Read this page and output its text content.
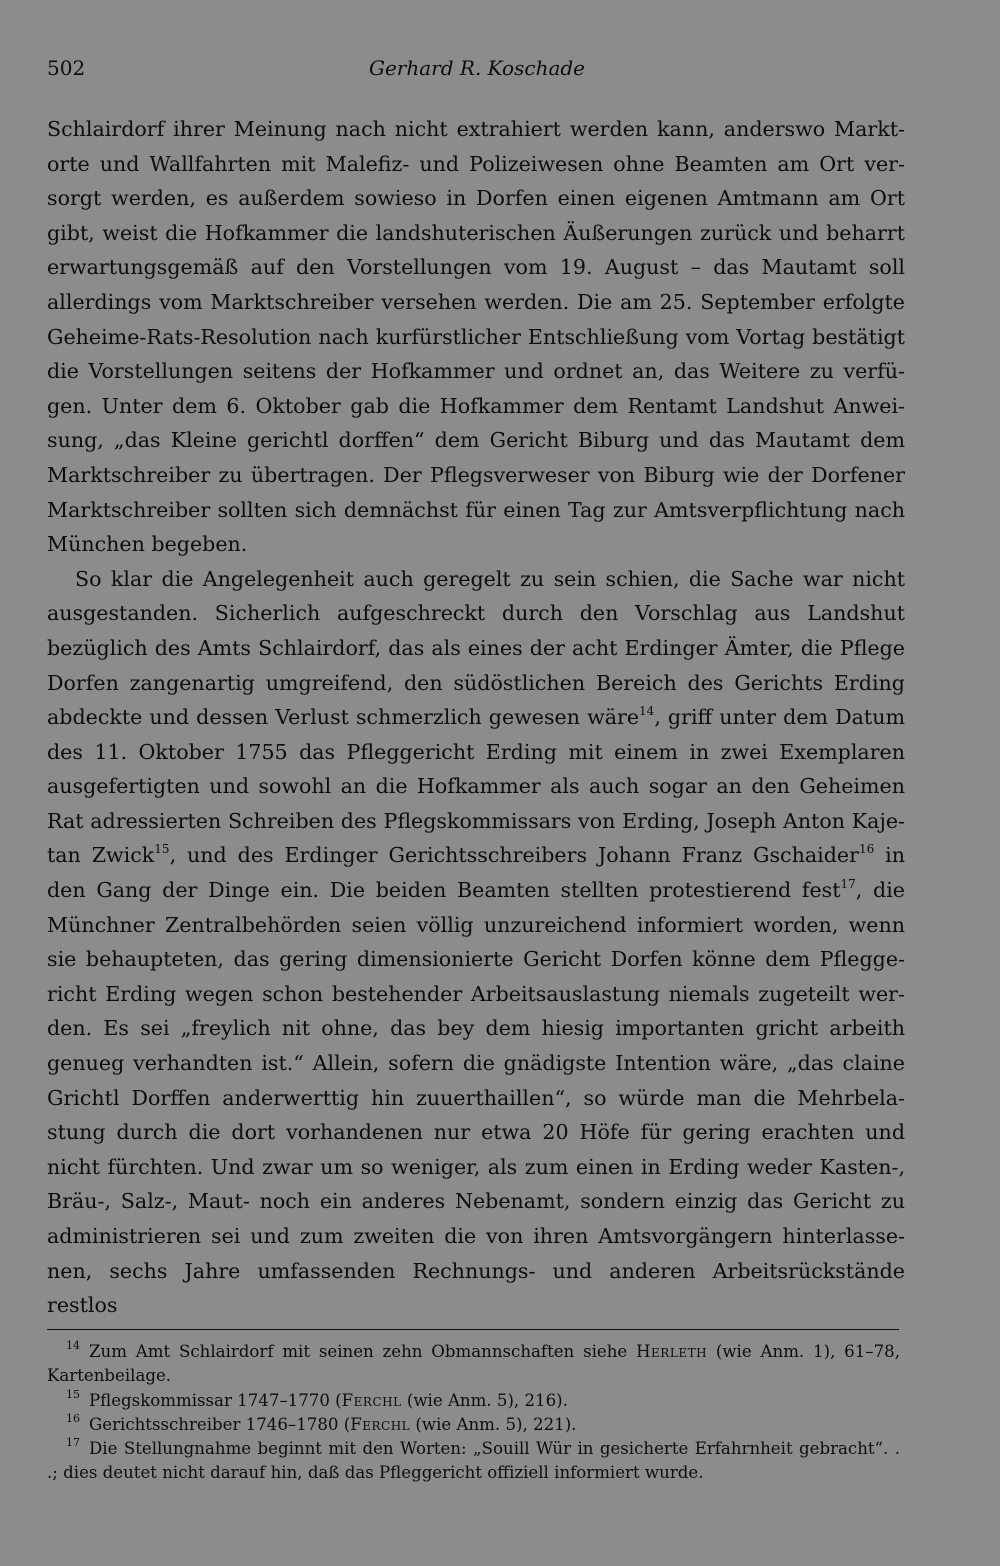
502	Gerhard R. Koschade

Schlairdorf ihrer Meinung nach nicht extrahiert werden kann, anderswo Marktorte und Wallfahrten mit Malefiz- und Polizeiwesen ohne Beamten am Ort versorgt werden, es außerdem sowieso in Dorfen einen eigenen Amtmann am Ort gibt, weist die Hofkammer die landshuterischen Äußerungen zurück und beharrt erwartungsgemäß auf den Vorstellungen vom 19. August – das Mautamt soll allerdings vom Marktschreiber versehen werden. Die am 25. September erfolgte Geheime-Rats-Resolution nach kurfürstlicher Entschließung vom Vortag bestätigt die Vorstellungen seitens der Hofkammer und ordnet an, das Weitere zu verfügen. Unter dem 6. Oktober gab die Hofkammer dem Rentamt Landshut Anweisung, „das Kleine gerichtl dorffen“ dem Gericht Biburg und das Mautamt dem Marktschreiber zu übertragen. Der Pflegsverweser von Biburg wie der Dorfener Marktschreiber sollten sich demnächst für einen Tag zur Amtsverpflichtung nach München begeben.

So klar die Angelegenheit auch geregelt zu sein schien, die Sache war nicht ausgestanden. Sicherlich aufgeschreckt durch den Vorschlag aus Landshut bezüglich des Amts Schlairdorf, das als eines der acht Erdinger Ämter, die Pflege Dorfen zangenartig umgreifend, den südöstlichen Bereich des Gerichts Erding abdeckte und dessen Verlust schmerzlich gewesen wäre$^{14}$, griff unter dem Datum des 11. Oktober 1755 das Pfleggericht Erding mit einem in zwei Exemplaren ausgefertigten und sowohl an die Hofkammer als auch sogar an den Geheimen Rat adressierten Schreiben des Pflegskommissars von Erding, Joseph Anton Kajetan Zwick$^{15}$, und des Erdinger Gerichtsschreibers Johann Franz Gschaider$^{16}$ in den Gang der Dinge ein. Die beiden Beamten stellten protestierend fest$^{17}$, die Münchner Zentralbehörden seien völlig unzureichend informiert worden, wenn sie behaupteten, das gering dimensionierte Gericht Dorfen könne dem Pfleggericht Erding wegen schon bestehender Arbeitsauslastung niemals zugeteilt werden. Es sei „freylich nit ohne, das bey dem hiesig importanten gricht arbeith genueg verhandten ist.“ Allein, sofern die gnädigste Intention wäre, „das claine Grichtl Dorffen anderwerttig hin zuuerthaillen“, so würde man die Mehrbelastung durch die dort vorhandenen nur etwa 20 Höfe für gering erachten und nicht fürchten. Und zwar um so weniger, als zum einen in Erding weder Kasten-, Bräu-, Salz-, Maut- noch ein anderes Nebenamt, sondern einzig das Gericht zu administrieren sei und zum zweiten die von ihren Amtsvorgängern hinterlassenen, sechs Jahre umfassenden Rechnungs- und anderen Arbeitsrückstände restlos

$^{14}$ Zum Amt Schlairdorf mit seinen zehn Obmannschaften siehe Herleth (wie Anm. 1), 61–78, Kartenbeilage.

$^{15}$ Pflegskommissar 1747–1770 (Ferchl (wie Anm. 5), 216).

$^{16}$ Gerichtsschreiber 1746–1780 (Ferchl (wie Anm. 5), 221).

$^{17}$ Die Stellungnahme beginnt mit den Worten: „Souill Wür in gesicherte Erfahrnheit gebracht“. . .; dies deutet nicht darauf hin, daß das Pfleggericht offiziell informiert wurde.
